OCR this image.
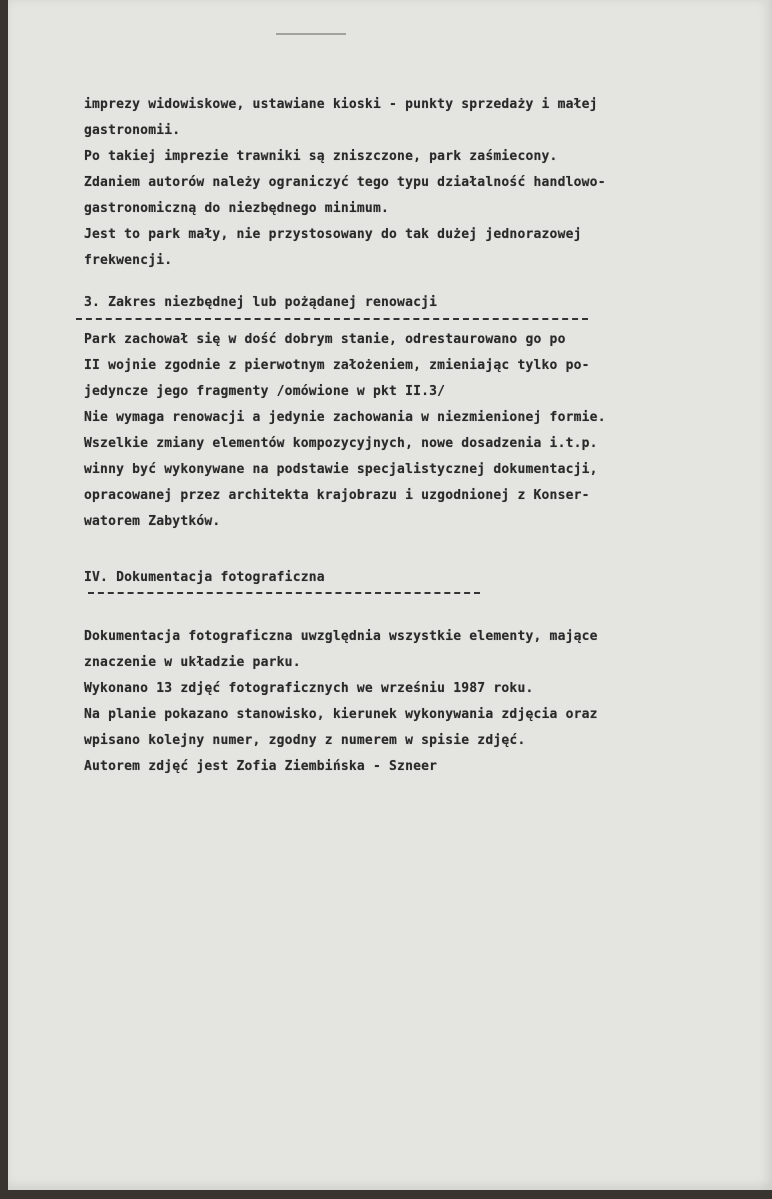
imprezy widowiskowe, ustawiane kioski - punkty sprzedaży i małej
gastronomii.
Po takiej imprezie trawniki są zniszczone, park zaśmiecony.
Zdaniem autorów należy ograniczyć tego typu działalność handlowo-
gastronomiczną do niezbędnego minimum.
Jest to park mały, nie przystosowany do tak dużej jednorazowej
frekwencji.
3. Zakres niezbędnej lub pożądanej renowacji
Park zachował się w dość dobrym stanie, odrestaurowano go po
II wojnie zgodnie z pierwotnym założeniem, zmieniając tylko po-
jedyncze jego fragmenty /omówione w pkt II.3/
Nie wymaga renowacji a jedynie zachowania w niezmienionej formie.
Wszelkie zmiany elementów kompozycyjnych, nowe dosadzenia i.t.p.
winny być wykonywane na podstawie specjalistycznej dokumentacji,
opracowanej przez architekta krajobrazu i uzgodnionej z Konser-
watorem Zabytków.
IV. Dokumentacja fotograficzna
Dokumentacja fotograficzna uwzględnia wszystkie elementy, mające
znaczenie w układzie parku.
Wykonano 13 zdjęć fotograficznych we wrześniu 1987 roku.
Na planie pokazano stanowisko, kierunek wykonywania zdjęcia oraz
wpisano kolejny numer, zgodny z numerem w spisie zdjęć.
Autorem zdjęć jest Zofia Ziembińska - Szneer
